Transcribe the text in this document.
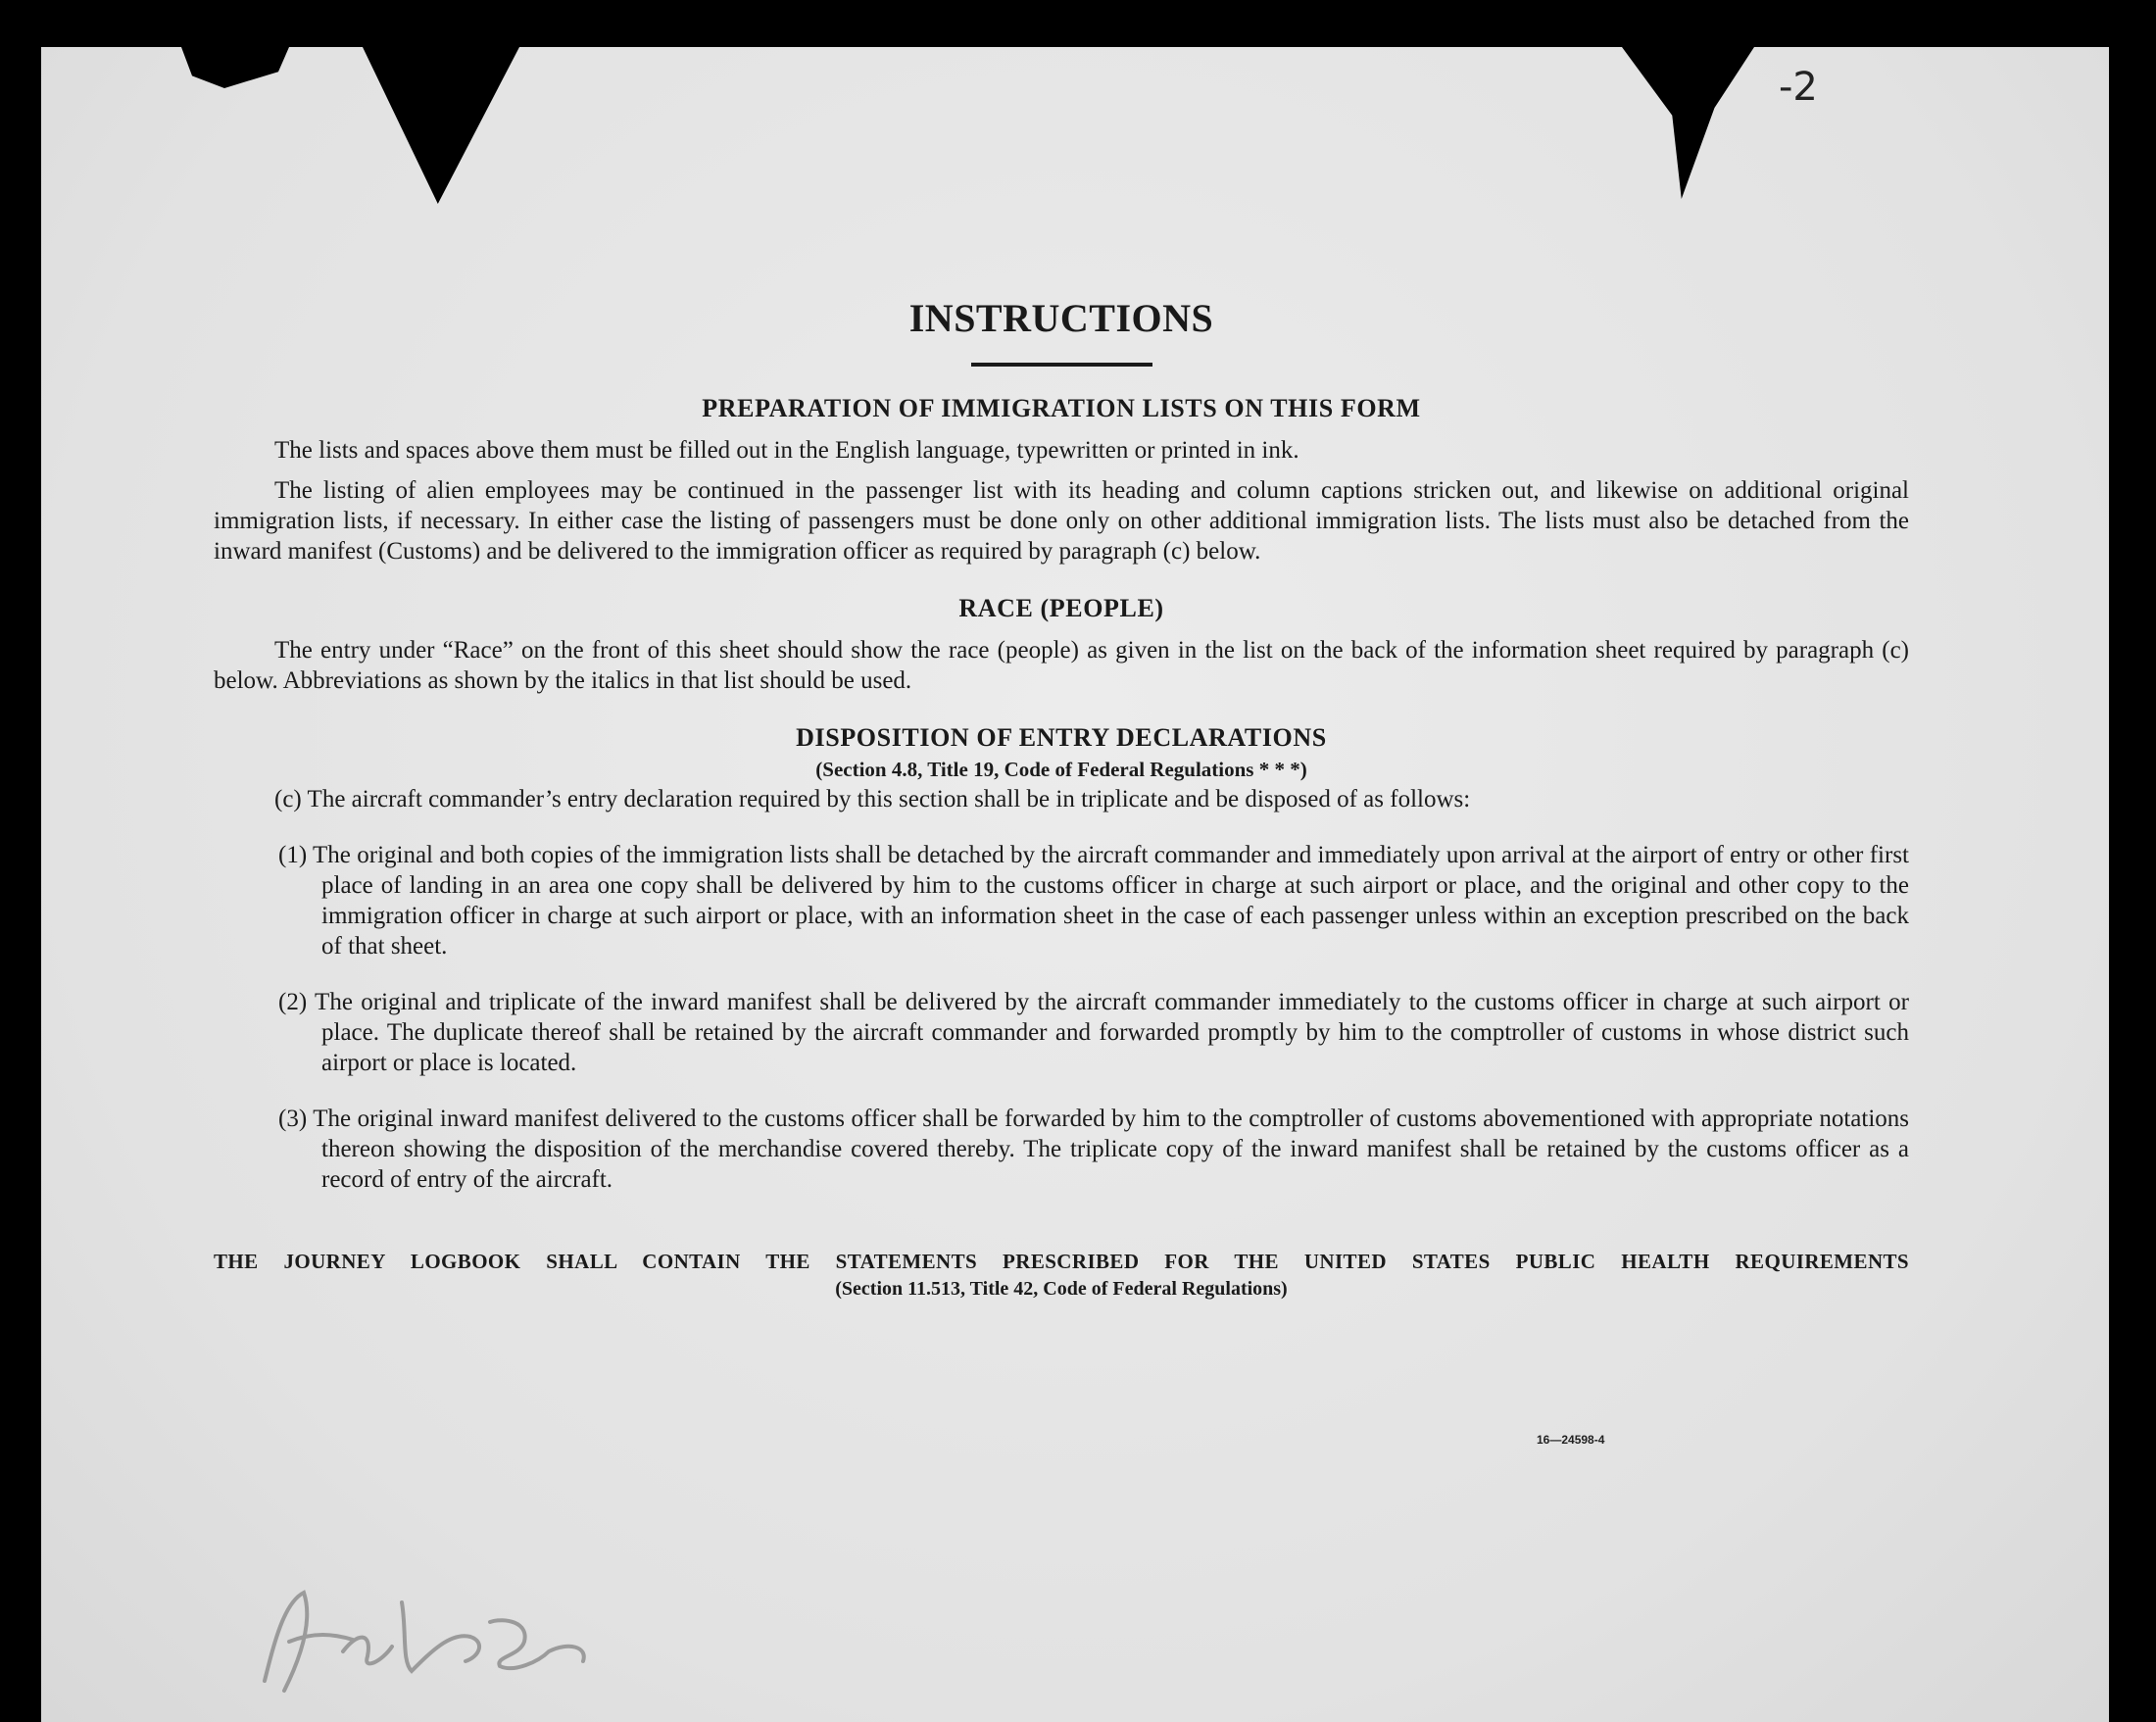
-2
INSTRUCTIONS
PREPARATION OF IMMIGRATION LISTS ON THIS FORM

The lists and spaces above them must be filled out in the English language, typewritten or printed in ink.

The listing of alien employees may be continued in the passenger list with its heading and column captions stricken out, and likewise on additional original immigration lists, if necessary. In either case the listing of passengers must be done only on other additional immigration lists. The lists must also be detached from the inward manifest (Customs) and be delivered to the immigration officer as required by paragraph (c) below.

RACE (PEOPLE)

The entry under “Race” on the front of this sheet should show the race (people) as given in the list on the back of the information sheet required by paragraph (c) below. Abbreviations as shown by the italics in that list should be used.

DISPOSITION OF ENTRY DECLARATIONS
(Section 4.8, Title 19, Code of Federal Regulations * * *)

(c) The aircraft commander’s entry declaration required by this section shall be in triplicate and be disposed of as follows:

(1) The original and both copies of the immigration lists shall be detached by the aircraft commander and immediately upon arrival at the airport of entry or other first place of landing in an area one copy shall be delivered by him to the customs officer in charge at such airport or place, and the original and other copy to the immigration officer in charge at such airport or place, with an information sheet in the case of each passenger unless within an exception prescribed on the back of that sheet.

(2) The original and triplicate of the inward manifest shall be delivered by the aircraft commander immediately to the customs officer in charge at such airport or place. The duplicate thereof shall be retained by the aircraft commander and forwarded promptly by him to the comptroller of customs in whose district such airport or place is located.

(3) The original inward manifest delivered to the customs officer shall be forwarded by him to the comptroller of customs abovementioned with appropriate notations thereon showing the disposition of the merchandise covered thereby. The triplicate copy of the inward manifest shall be retained by the customs officer as a record of entry of the aircraft.

THE JOURNEY LOGBOOK SHALL CONTAIN THE STATEMENTS PRESCRIBED FOR THE UNITED STATES PUBLIC HEALTH REQUIREMENTS
(Section 11.513, Title 42, Code of Federal Regulations)
16—24598-4
